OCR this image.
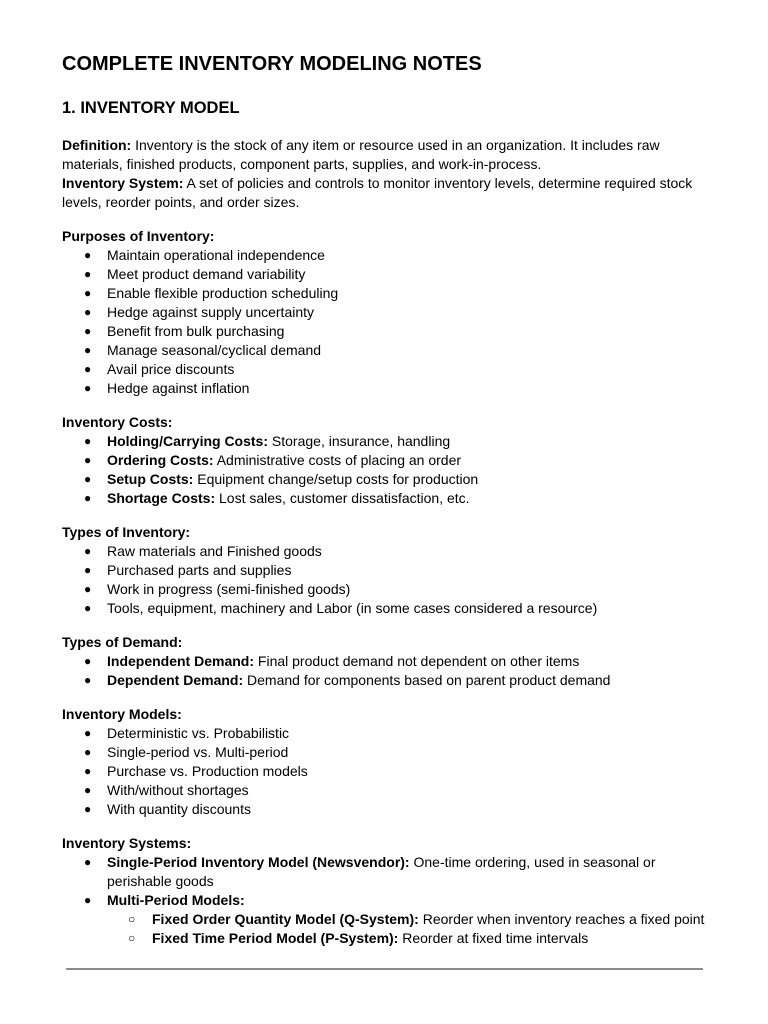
COMPLETE INVENTORY MODELING NOTES
1. INVENTORY MODEL

Definition: Inventory is the stock of any item or resource used in an organization. It includes raw materials, finished products, component parts, supplies, and work-in-process.

Inventory System: A set of policies and controls to monitor inventory levels, determine required stock levels, reorder points, and order sizes.

Purposes of Inventory:

● Maintain operational independence
● Meet product demand variability
● Enable flexible production scheduling
● Hedge against supply uncertainty
● Benefit from bulk purchasing
● Manage seasonal/cyclical demand
● Avail price discounts
● Hedge against inflation

Inventory Costs:

● Holding/Carrying Costs: Storage, insurance, handling
● Ordering Costs: Administrative costs of placing an order
● Setup Costs: Equipment change/setup costs for production
● Shortage Costs: Lost sales, customer dissatisfaction, etc.

Types of Inventory:

● Raw materials and Finished goods
● Purchased parts and supplies
● Work in progress (semi-finished goods)
● Tools, equipment, machinery and Labor (in some cases considered a resource)

Types of Demand:

● Independent Demand: Final product demand not dependent on other items
● Dependent Demand: Demand for components based on parent product demand

Inventory Models:

● Deterministic vs. Probabilistic
● Single-period vs. Multi-period
● Purchase vs. Production models
● With/without shortages
● With quantity discounts

Inventory Systems:

● Single-Period Inventory Model (Newsvendor): One-time ordering, used in seasonal or perishable goods
● Multi-Period Models:
○ Fixed Order Quantity Model (Q-System): Reorder when inventory reaches a fixed point
○ Fixed Time Period Model (P-System): Reorder at fixed time intervals
